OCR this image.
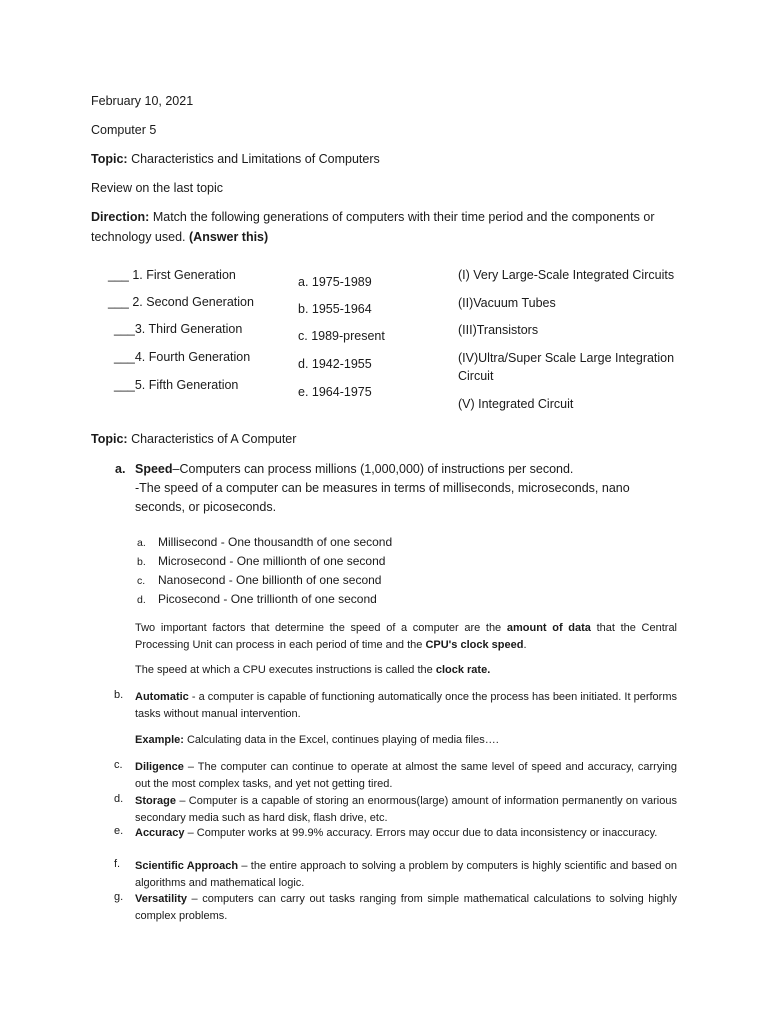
February 10, 2021
Computer 5
Topic: Characteristics and Limitations of Computers
Review on the last topic
Direction: Match the following generations of computers with their time period and the components or
technology used. (Answer this)
___ 1. First Generation
___ 2. Second Generation
___3. Third Generation
___4. Fourth Generation
___5. Fifth Generation
a. 1975-1989
b. 1955-1964
c. 1989-present
d. 1942-1955
e. 1964-1975
(I) Very Large-Scale Integrated Circuits
(II)Vacuum Tubes
(III)Transistors
(IV)Ultra/Super Scale Large Integration
Circuit
(V) Integrated Circuit
Topic: Characteristics of A Computer
a. Speed–Computers can process millions (1,000,000) of instructions per second.
-The speed of a computer can be measures in terms of milliseconds, microseconds, nano
seconds, or picoseconds.
a. Millisecond - One thousandth of one second
b. Microsecond - One millionth of one second
c. Nanosecond - One billionth of one second
d. Picosecond - One trillionth of one second
Two important factors that determine the speed of a computer are the amount of data that the Central Processing Unit can process in each period of time and the CPU's clock speed.
The speed at which a CPU executes instructions is called the clock rate.
b. Automatic - a computer is capable of functioning automatically once the process has been initiated. It performs tasks without manual intervention.
Example: Calculating data in the Excel, continues playing of media files….
c. Diligence – The computer can continue to operate at almost the same level of speed and accuracy, carrying out the most complex tasks, and yet not getting tired.
d. Storage – Computer is a capable of storing an enormous(large) amount of information permanently on various secondary media such as hard disk, flash drive, etc.
e. Accuracy – Computer works at 99.9% accuracy. Errors may occur due to data inconsistency or inaccuracy.
f. Scientific Approach – the entire approach to solving a problem by computers is highly scientific and based on algorithms and mathematical logic.
g. Versatility – computers can carry out tasks ranging from simple mathematical calculations to solving highly complex problems.
